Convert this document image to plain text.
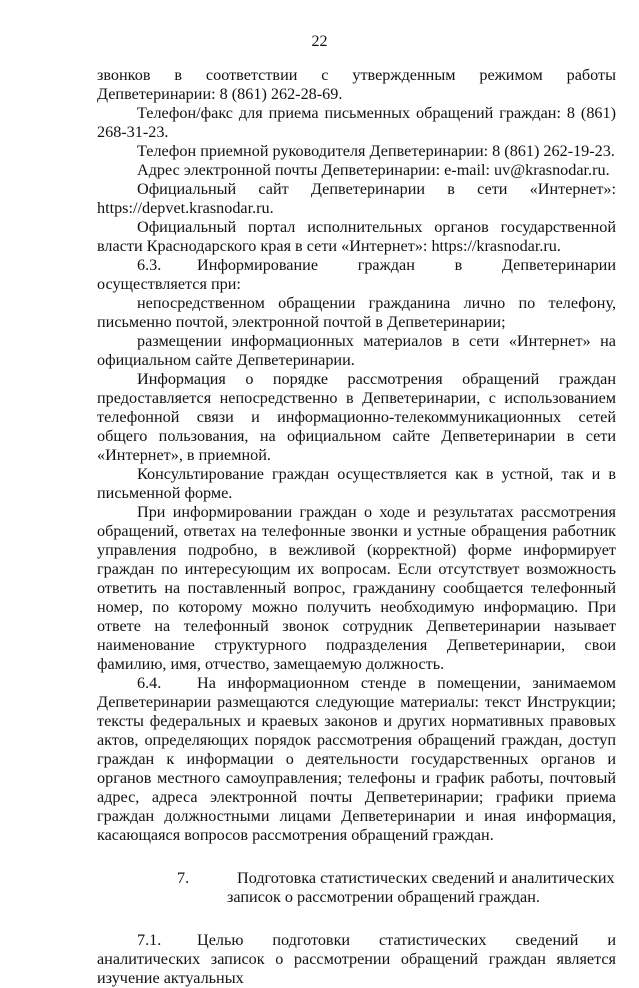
22

звонков в соответствии с утвержденным режимом работы Депветеринарии: 8 (861) 262-28-69.

Телефон/факс для приема письменных обращений граждан: 8 (861) 268-31-23.

Телефон приемной руководителя Депветеринарии: 8 (861) 262-19-23.

Адрес электронной почты Депветеринарии: e-mail: uv@krasnodar.ru.

Официальный сайт Депветеринарии в сети «Интернет»: https://depvet.krasnodar.ru.

Официальный портал исполнительных органов государственной власти Краснодарского края в сети «Интернет»: https://krasnodar.ru.

6.3. Информирование граждан в Депветеринарии осуществляется при:

непосредственном обращении гражданина лично по телефону, письменно почтой, электронной почтой в Депветеринарии;

размещении информационных материалов в сети «Интернет» на официальном сайте Депветеринарии.

Информация о порядке рассмотрения обращений граждан предоставляется непосредственно в Депветеринарии, с использованием телефонной связи и информационно-телекоммуникационных сетей общего пользования, на официальном сайте Депветеринарии в сети «Интернет», в приемной.

Консультирование граждан осуществляется как в устной, так и в письменной форме.

При информировании граждан о ходе и результатах рассмотрения обращений, ответах на телефонные звонки и устные обращения работник управления подробно, в вежливой (корректной) форме информирует граждан по интересующим их вопросам. Если отсутствует возможность ответить на поставленный вопрос, гражданину сообщается телефонный номер, по которому можно получить необходимую информацию. При ответе на телефонный звонок сотрудник Депветеринарии называет наименование структурного подразделения Депветеринарии, свои фамилию, имя, отчество, замещаемую должность.

6.4. На информационном стенде в помещении, занимаемом Депветеринарии размещаются следующие материалы: текст Инструкции; тексты федеральных и краевых законов и других нормативных правовых актов, определяющих порядок рассмотрения обращений граждан, доступ граждан к информации о деятельности государственных органов и органов местного самоуправления; телефоны и график работы, почтовый адрес, адреса электронной почты Депветеринарии; графики приема граждан должностными лицами Депветеринарии и иная информация, касающаяся вопросов рассмотрения обращений граждан.

7.	Подготовка статистических сведений и аналитических
записок о рассмотрении обращений граждан.

7.1. Целью подготовки статистических сведений и аналитических записок о рассмотрении обращений граждан является изучение актуальных
